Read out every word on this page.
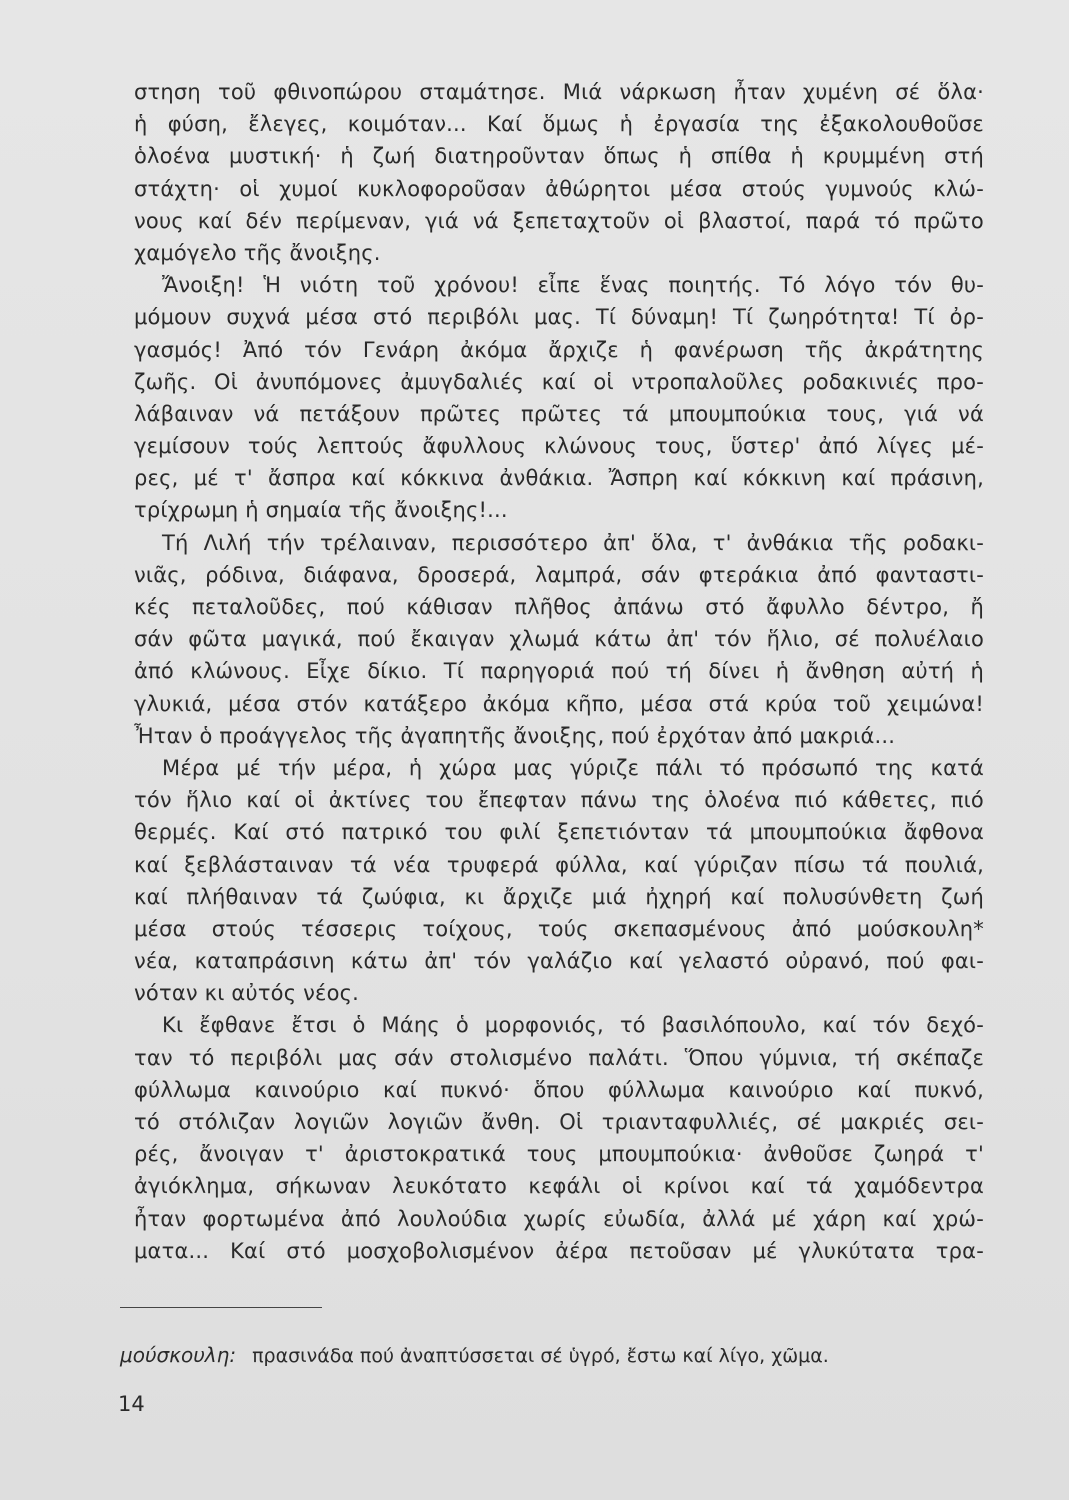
στηση τοῦ φθινοπώρου σταμάτησε. Μιά νάρκωση ἦταν χυμένη σέ ὅλα·
ἡ φύση, ἔλεγες, κοιμόταν... Καί ὅμως ἡ ἐργασία της ἐξακολουθοῦσε
ὁλοένα μυστική· ἡ ζωή διατηροῦνταν ὅπως ἡ σπίθα ἡ κρυμμένη στή
στάχτη· οἱ χυμοί κυκλοφοροῦσαν ἀθώρητοι μέσα στούς γυμνούς κλώ-
νους καί δέν περίμεναν, γιά νά ξεπεταχτοῦν οἱ βλαστοί, παρά τό πρῶτο
χαμόγελο τῆς ἄνοιξης.
Ἄνοιξη! Ἡ νιότη τοῦ χρόνου! εἶπε ἕνας ποιητής. Τό λόγο τόν θυ-
μόμουν συχνά μέσα στό περιβόλι μας. Τί δύναμη! Τί ζωηρότητα! Τί ὀρ-
γασμός! Ἀπό τόν Γενάρη ἀκόμα ἄρχιζε ἡ φανέρωση τῆς ἀκράτητης
ζωῆς. Οἱ ἀνυπόμονες ἀμυγδαλιές καί οἱ ντροπαλοῦλες ροδακινιές προ-
λάβαιναν νά πετάξουν πρῶτες πρῶτες τά μπουμπούκια τους, γιά νά
γεμίσουν τούς λεπτούς ἄφυλλους κλώνους τους, ὕστερ' ἀπό λίγες μέ-
ρες, μέ τ' ἄσπρα καί κόκκινα ἀνθάκια. Ἄσπρη καί κόκκινη καί πράσινη,
τρίχρωμη ἡ σημαία τῆς ἄνοιξης!...
Τή Λιλή τήν τρέλαιναν, περισσότερο ἀπ' ὅλα, τ' ἀνθάκια τῆς ροδακι-
νιᾶς, ρόδινα, διάφανα, δροσερά, λαμπρά, σάν φτεράκια ἀπό φανταστι-
κές πεταλοῦδες, πού κάθισαν πλῆθος ἀπάνω στό ἄφυλλο δέντρο, ἤ
σάν φῶτα μαγικά, πού ἔκαιγαν χλωμά κάτω ἀπ' τόν ἥλιο, σέ πολυέλαιο
ἀπό κλώνους. Εἶχε δίκιο. Τί παρηγοριά πού τή δίνει ἡ ἄνθηση αὐτή ἡ
γλυκιά, μέσα στόν κατάξερο ἀκόμα κῆπο, μέσα στά κρύα τοῦ χειμώνα!
Ἦταν ὁ προάγγελος τῆς ἀγαπητῆς ἄνοιξης, πού ἐρχόταν ἀπό μακριά...
Μέρα μέ τήν μέρα, ἡ χώρα μας γύριζε πάλι τό πρόσωπό της κατά
τόν ἥλιο καί οἱ ἀκτίνες του ἔπεφταν πάνω της ὁλοένα πιό κάθετες, πιό
θερμές. Καί στό πατρικό του φιλί ξεπετιόνταν τά μπουμπούκια ἄφθονα
καί ξεβλάσταιναν τά νέα τρυφερά φύλλα, καί γύριζαν πίσω τά πουλιά,
καί πλήθαιναν τά ζωύφια, κι ἄρχιζε μιά ἠχηρή καί πολυσύνθετη ζωή
μέσα στούς τέσσερις τοίχους, τούς σκεπασμένους ἀπό μούσκουλη*
νέα, καταπράσινη κάτω ἀπ' τόν γαλάζιο καί γελαστό οὐρανό, πού φαι-
νόταν κι αὐτός νέος.
Κι ἔφθανε ἔτσι ὁ Μάης ὁ μορφονιός, τό βασιλόπουλο, καί τόν δεχό-
ταν τό περιβόλι μας σάν στολισμένο παλάτι. Ὅπου γύμνια, τή σκέπαζε
φύλλωμα καινούριο καί πυκνό· ὅπου φύλλωμα καινούριο καί πυκνό,
τό στόλιζαν λογιῶν λογιῶν ἄνθη. Οἱ τριανταφυλλιές, σέ μακριές σει-
ρές, ἄνοιγαν τ' ἀριστοκρατικά τους μπουμπούκια· ἀνθοῦσε ζωηρά τ'
ἀγιόκλημα, σήκωναν λευκότατο κεφάλι οἱ κρίνοι καί τά χαμόδεντρα
ἦταν φορτωμένα ἀπό λουλούδια χωρίς εὐωδία, ἀλλά μέ χάρη καί χρώ-
ματα... Καί στό μοσχοβολισμένον ἀέρα πετοῦσαν μέ γλυκύτατα τρα-
μούσκουλη: πρασινάδα πού ἀναπτύσσεται σέ ὑγρό, ἔστω καί λίγο, χῶμα.
14
